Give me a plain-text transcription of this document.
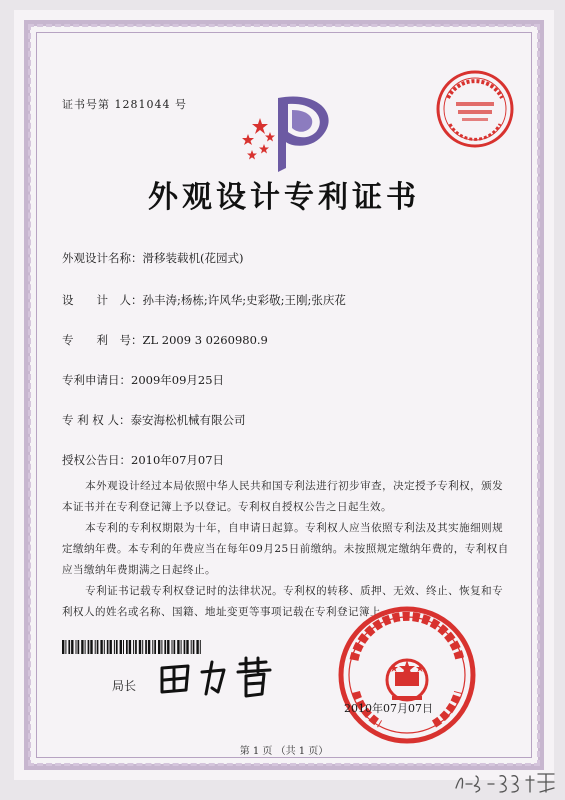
证书号第 1281044 号
外观设计专利证书
外观设计名称：滑移装载机(花园式)
设　　计　人：孙丰涛;杨栋;许风华;史彩敬;王刚;张庆花
专　　利　号：ZL 2009 3 0260980.9
专利申请日：2009年09月25日
专 利 权 人：泰安海松机械有限公司
授权公告日：2010年07月07日
本外观设计经过本局依照中华人民共和国专利法进行初步审查，决定授予专利权，颁发本证书并在专利登记簿上予以登记。专利权自授权公告之日起生效。
本专利的专利权期限为十年，自申请日起算。专利权人应当依照专利法及其实施细则规定缴纳年费。本专利的年费应当在每年09月25日前缴纳。未按照规定缴纳年费的，专利权自应当缴纳年费期满之日起终止。
专利证书记载专利权登记时的法律状况。专利权的转移、质押、无效、终止、恢复和专利权人的姓名或名称、国籍、地址变更等事项记载在专利登记簿上。
局长
2010年07月07日
第 1 页 （共 1 页）
